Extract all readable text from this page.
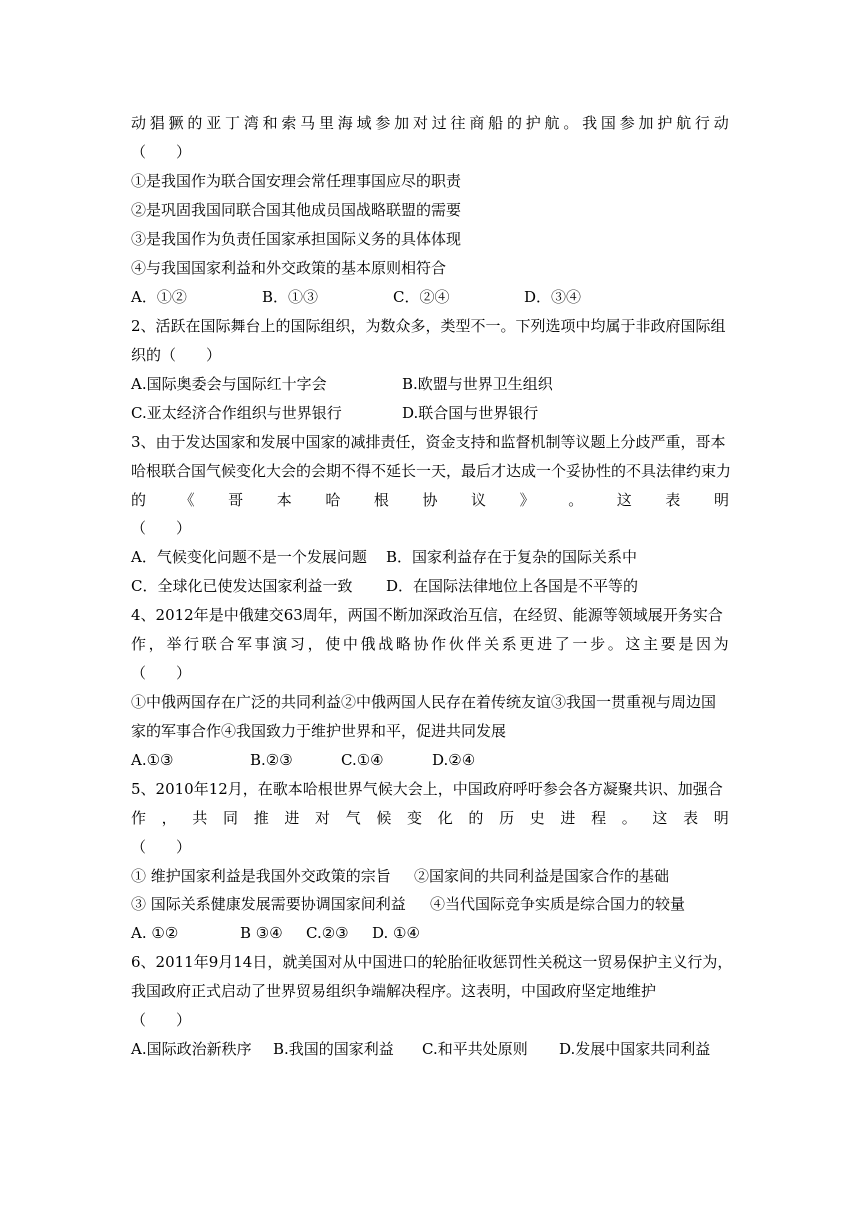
动 猖 獗 的 亚 丁 湾 和 索 马 里 海 域 参 加 对 过 往 商 船 的 护 航 。 我 国 参 加 护 航 行 动
（　　）
①是我国作为联合国安理会常任理事国应尽的职责
②是巩固我国同联合国其他成员国战略联盟的需要
③是我国作为负责任国家承担国际义务的具体体现
④与我国国家利益和外交政策的基本原则相符合
A．①②	B．①③	C．②④	D．③④
2、活跃在国际舞台上的国际组织，为数众多，类型不一。下列选项中均属于非政府国际组
织的（　　）
A.国际奥委会与国际红十字会	B.欧盟与世界卫生组织
C.亚太经济合作组织与世界银行	D.联合国与世界银行
3、由于发达国家和发展中国家的减排责任，资金支持和监督机制等议题上分歧严重，哥本
哈根联合国气候变化大会的会期不得不延长一天，最后才达成一个妥协性的不具法律约束力
的 《 哥 本 哈 根 协 议 》 。 这 表 明
（　　）
A．气候变化问题不是一个发展问题 B．国家利益存在于复杂的国际关系中
C．全球化已使发达国家利益一致 D．在国际法律地位上各国是不平等的
4、2012年是中俄建交63周年，两国不断加深政治互信，在经贸、能源等领域展开务实合
作 ， 举 行 联 合 军 事 演 习 ， 使 中 俄 战 略 协 作 伙 伴 关 系 更 进 了 一 步 。 这 主 要 是 因 为
（　　）
①中俄两国存在广泛的共同利益②中俄两国人民存在着传统友谊③我国一贯重视与周边国
家的军事合作④我国致力于维护世界和平，促进共同发展
A.①③	B.②③	C.①④	D.②④
5、2010年12月，在歌本哈根世界气候大会上，中国政府呼吁参会各方凝聚共识、加强合
作 ， 共 同 推 进 对 气 候 变 化 的 历 史 进 程 。 这 表 明
（　　）
① 维护国家利益是我国外交政策的宗旨 ②国家间的共同利益是国家合作的基础
③ 国际关系健康发展需要协调国家间利益 ④当代国际竞争实质是综合国力的较量
A. ①②	B ③④ C.②③ D. ①④
6、2011年9月14日，就美国对从中国进口的轮胎征收惩罚性关税这一贸易保护主义行为，
我国政府正式启动了世界贸易组织争端解决程序。这表明，中国政府坚定地维护
（　　）
A.国际政治新秩序 B.我国的国家利益 C.和平共处原则 D.发展中国家共同利益
